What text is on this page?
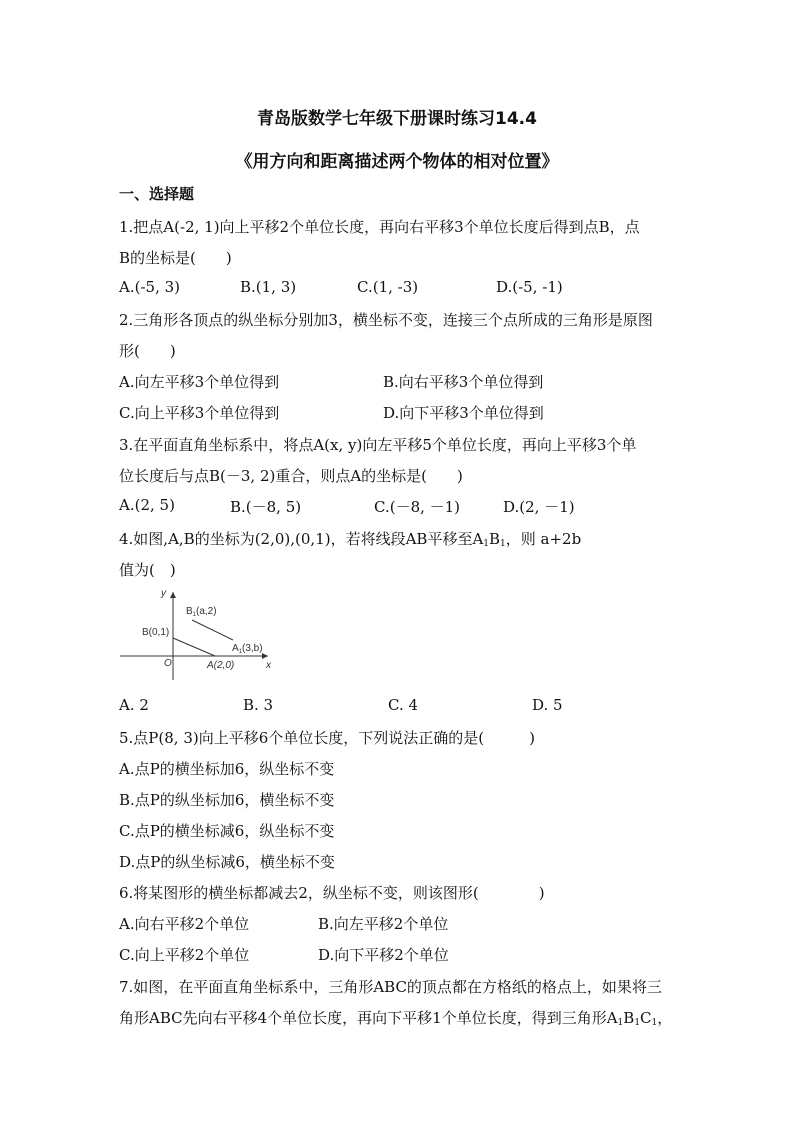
青岛版数学七年级下册课时练习14.4
《用方向和距离描述两个物体的相对位置》
一、选择题
1.把点A(-2, 1)向上平移2个单位长度，再向右平移3个单位长度后得到点B，点
B的坐标是(　　)
A.(-5, 3)	B.(1, 3)	C.(1, -3)	D.(-5, -1)
2.三角形各顶点的纵坐标分别加3，横坐标不变，连接三个点所成的三角形是原图
形(　　)
A.向左平移3个单位得到	B.向右平移3个单位得到
C.向上平移3个单位得到	D.向下平移3个单位得到
3.在平面直角坐标系中，将点A(x, y)向左平移5个单位长度，再向上平移3个单
位长度后与点B(－3, 2)重合，则点A的坐标是(　　)
A.(2, 5)	B.(－8, 5)	C.(－8, －1)	D.(2, －1)
4.如图,A,B的坐标为(2,0),(0,1)，若将线段AB平移至$A_1B_1$，则 a+2b
值为(　)
y
x
O
B(0,1)
A(2,0)
$B_1(a,2)$
$A_1(3,b)$
A. 2	B. 3	C. 4	D. 5
5.点P(8, 3)向上平移6个单位长度，下列说法正确的是(　　　)
A.点P的横坐标加6，纵坐标不变
B.点P的纵坐标加6，横坐标不变
C.点P的横坐标减6，纵坐标不变
D.点P的纵坐标减6，横坐标不变
6.将某图形的横坐标都减去2，纵坐标不变，则该图形(　　　　)
A.向右平移2个单位	B.向左平移2个单位
C.向上平移2个单位	D.向下平移2个单位
7.如图，在平面直角坐标系中，三角形ABC的顶点都在方格纸的格点上，如果将三
角形ABC先向右平移4个单位长度，再向下平移1个单位长度，得到三角形$A_1B_1C_1$，
